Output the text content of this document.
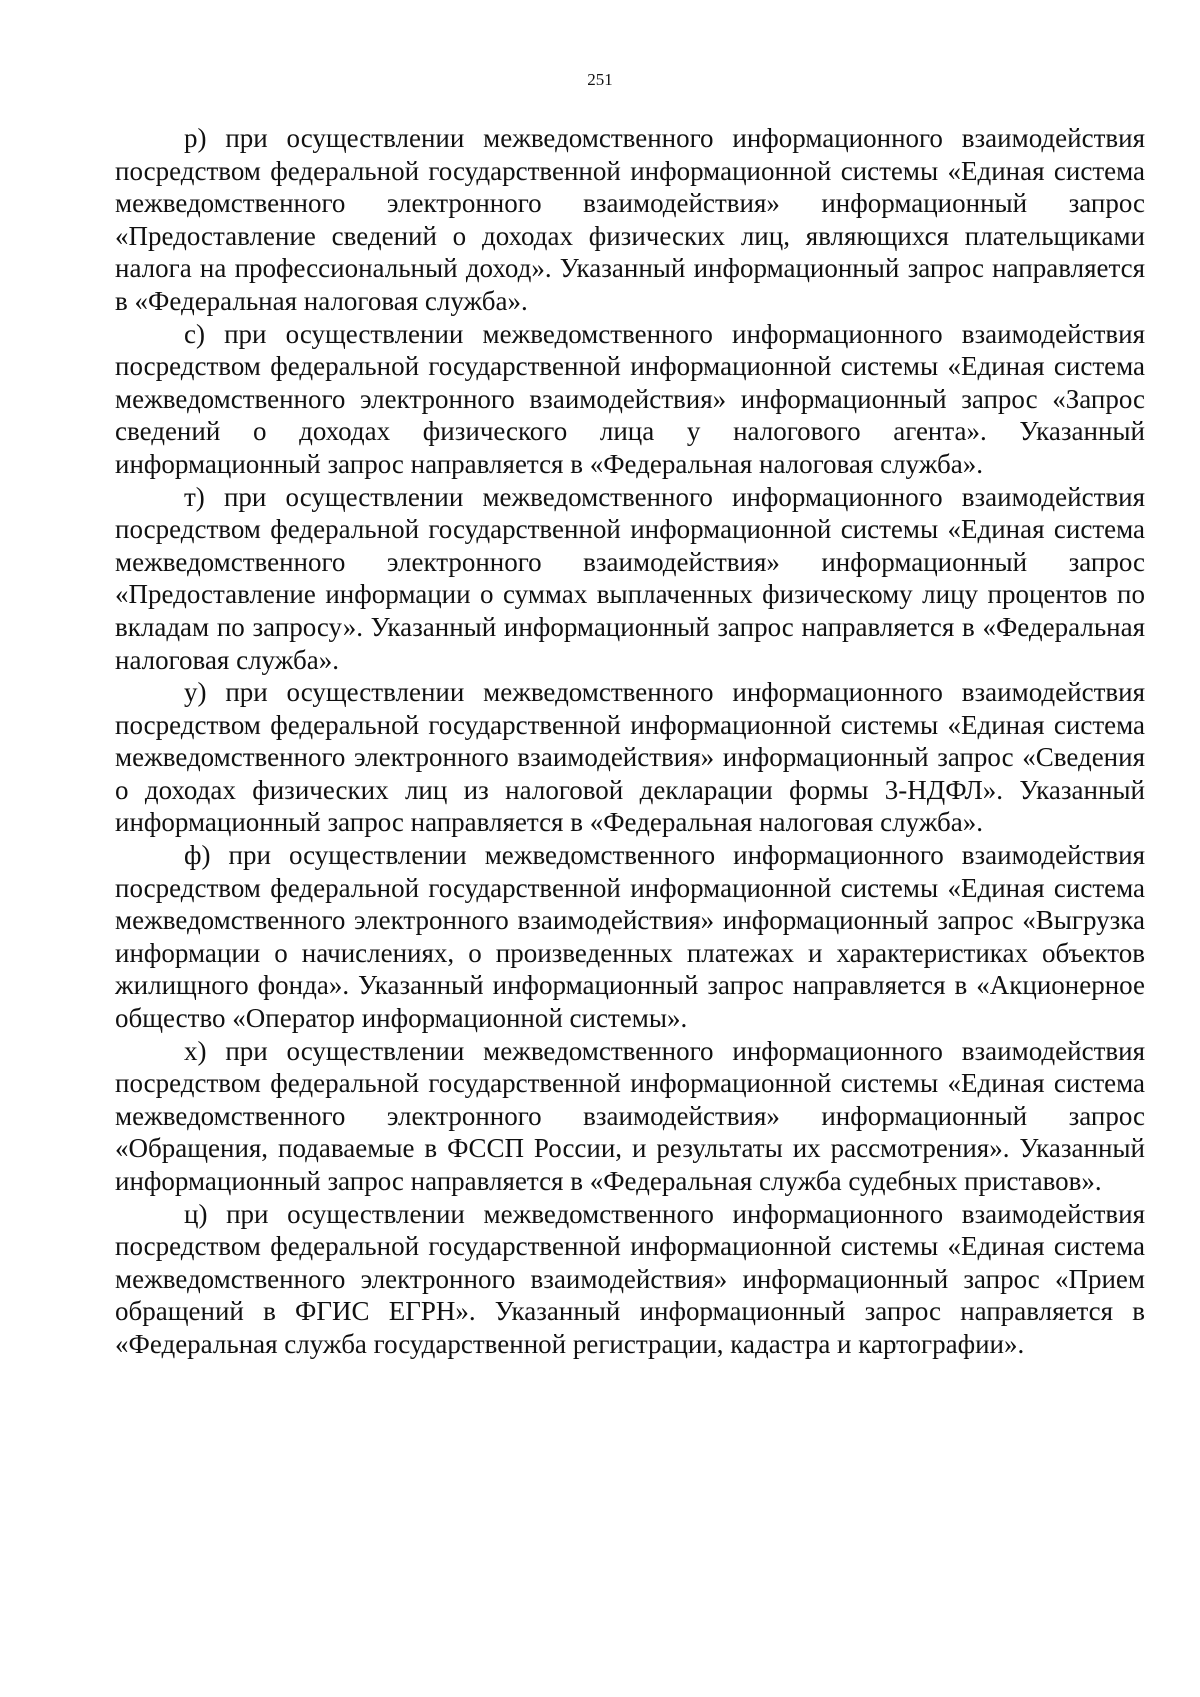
251

р) при осуществлении межведомственного информационного взаимодействия посредством федеральной государственной информационной системы «Единая система межведомственного электронного взаимодействия» информационный запрос «Предоставление сведений о доходах физических лиц, являющихся плательщиками налога на профессиональный доход». Указанный информационный запрос направляется в «Федеральная налоговая служба».

с) при осуществлении межведомственного информационного взаимодействия посредством федеральной государственной информационной системы «Единая система межведомственного электронного взаимодействия» информационный запрос «Запрос сведений о доходах физического лица у налогового агента». Указанный информационный запрос направляется в «Федеральная налоговая служба».

т) при осуществлении межведомственного информационного взаимодействия посредством федеральной государственной информационной системы «Единая система межведомственного электронного взаимодействия» информационный запрос «Предоставление информации о суммах выплаченных физическому лицу процентов по вкладам по запросу». Указанный информационный запрос направляется в «Федеральная налоговая служба».

у) при осуществлении межведомственного информационного взаимодействия посредством федеральной государственной информационной системы «Единая система межведомственного электронного взаимодействия» информационный запрос «Сведения о доходах физических лиц из налоговой декларации формы 3-НДФЛ». Указанный информационный запрос направляется в «Федеральная налоговая служба».

ф) при осуществлении межведомственного информационного взаимодействия посредством федеральной государственной информационной системы «Единая система межведомственного электронного взаимодействия» информационный запрос «Выгрузка информации о начислениях, о произведенных платежах и характеристиках объектов жилищного фонда». Указанный информационный запрос направляется в «Акционерное общество «Оператор информационной системы».

х) при осуществлении межведомственного информационного взаимодействия посредством федеральной государственной информационной системы «Единая система межведомственного электронного взаимодействия» информационный запрос «Обращения, подаваемые в ФССП России, и результаты их рассмотрения». Указанный информационный запрос направляется в «Федеральная служба судебных приставов».

ц) при осуществлении межведомственного информационного взаимодействия посредством федеральной государственной информационной системы «Единая система межведомственного электронного взаимодействия» информационный запрос «Прием обращений в ФГИС ЕГРН». Указанный информационный запрос направляется в «Федеральная служба государственной регистрации, кадастра и картографии».
